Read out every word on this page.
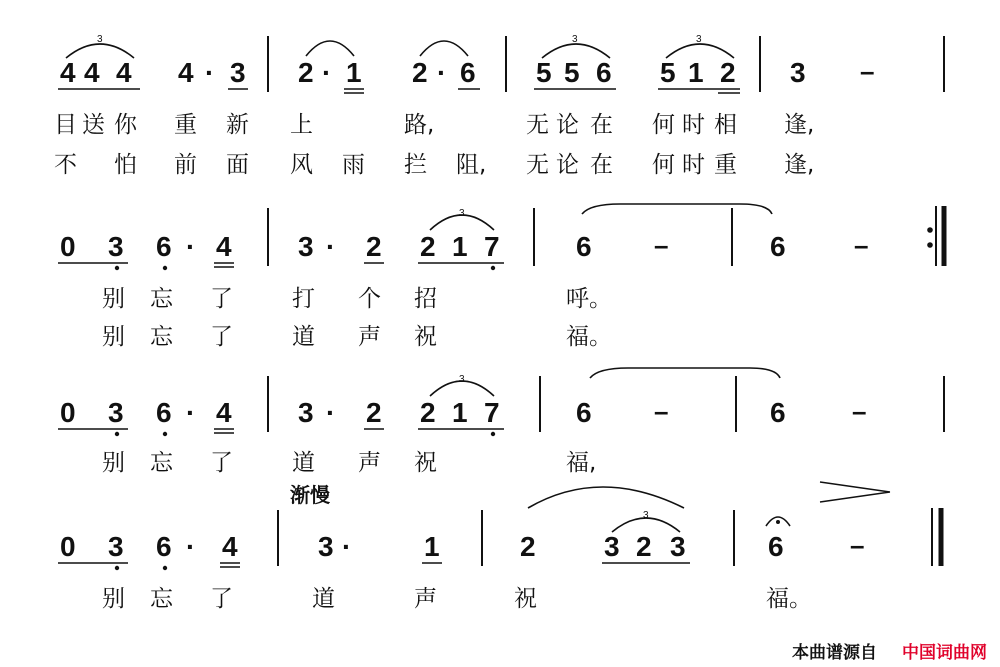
4 4 4 4 · 3 2 · 1 2 · 6 5 5 6 5 1 2 3 –
3	3	3
目 送 你 重 新 上	路,	无 论 在 何 时 相 逢,
不 怕 前 面 风 雨 拦 阻, 无 论 在 何 时 重 逢,
0 3 6 · 4 3 · 2 2 1 7	6 –	6	–
3
别 忘 了	打 个 招	呼。
别 忘 了	道 声 祝	福。
0 3 6 · 4 3 · 2 2 1 7	6 –	6	–
3
别 忘 了	道 声 祝	福,
渐慢
0 3 6 · 4	3 ·	1	2 3 2 3	6	–
3
别 忘 了	道	声	祝	福。
本曲谱源自 中国词曲网
